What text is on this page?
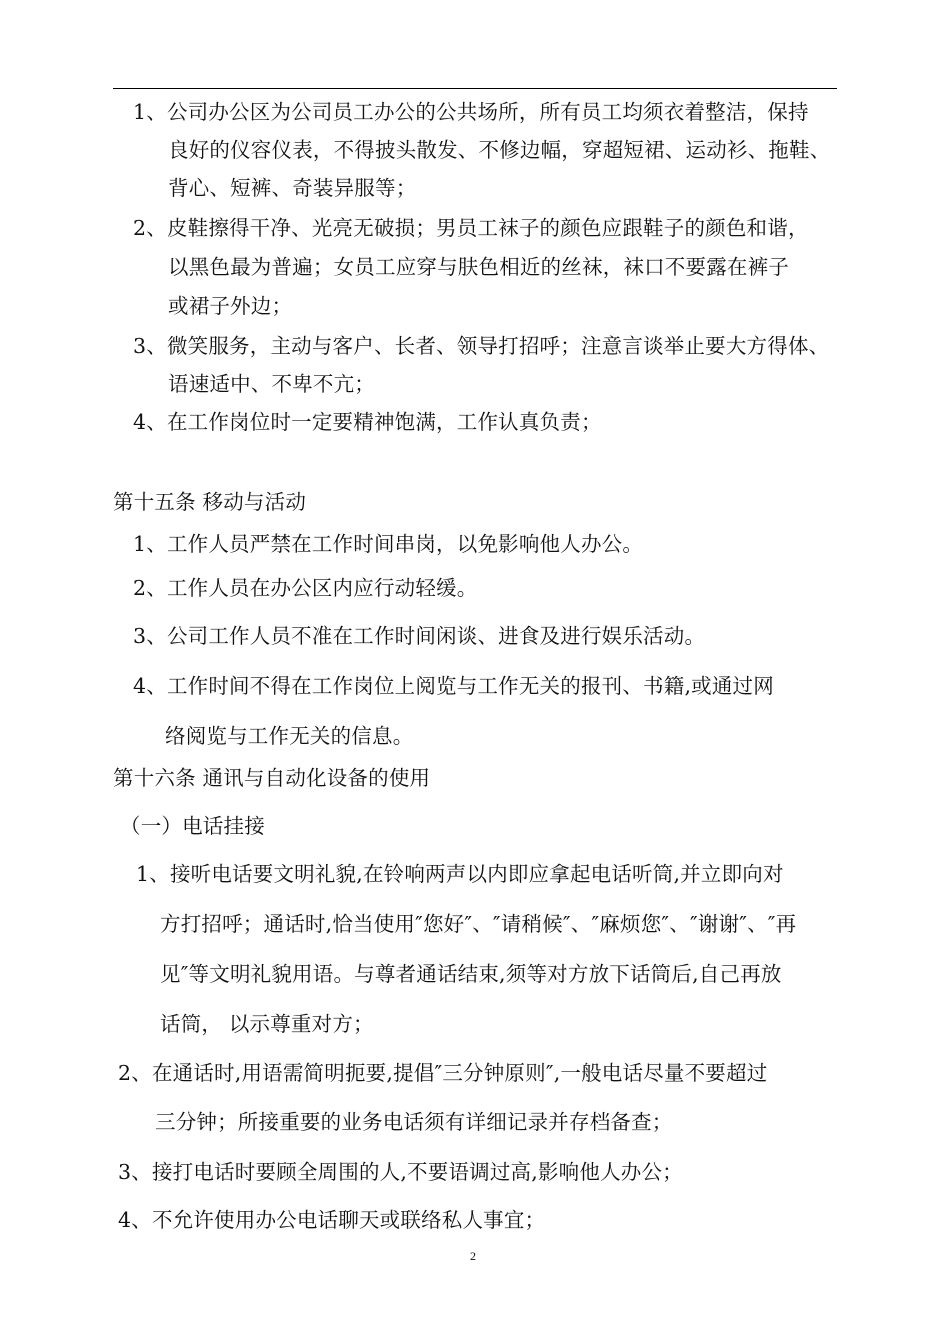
1、公司办公区为公司员工办公的公共场所，所有员工均须衣着整洁，保持
良好的仪容仪表，不得披头散发、不修边幅，穿超短裙、运动衫、拖鞋、
背心、短裤、奇装异服等；
2、皮鞋擦得干净、光亮无破损；男员工袜子的颜色应跟鞋子的颜色和谐，
以黑色最为普遍；女员工应穿与肤色相近的丝袜，袜口不要露在裤子
或裙子外边；
3、微笑服务，主动与客户、长者、领导打招呼；注意言谈举止要大方得体、
语速适中、不卑不亢；
4、在工作岗位时一定要精神饱满，工作认真负责；
第十五条 移动与活动
1、工作人员严禁在工作时间串岗，以免影响他人办公。
2、工作人员在办公区内应行动轻缓。
3、公司工作人员不准在工作时间闲谈、进食及进行娱乐活动。
4、工作时间不得在工作岗位上阅览与工作无关的报刊、书籍,或通过网
络阅览与工作无关的信息。
第十六条 通讯与自动化设备的使用
（一）电话挂接
1、接听电话要文明礼貌,在铃响两声以内即应拿起电话听筒,并立即向对
方打招呼；通话时,恰当使用″您好″、″请稍候″、″麻烦您″、″谢谢″、″再
见″等文明礼貌用语。与尊者通话结束,须等对方放下话筒后,自己再放
话筒， 以示尊重对方；
2、在通话时,用语需简明扼要,提倡″三分钟原则″,一般电话尽量不要超过
三分钟；所接重要的业务电话须有详细记录并存档备查；
3、接打电话时要顾全周围的人,不要语调过高,影响他人办公；
4、不允许使用办公电话聊天或联络私人事宜；
2
